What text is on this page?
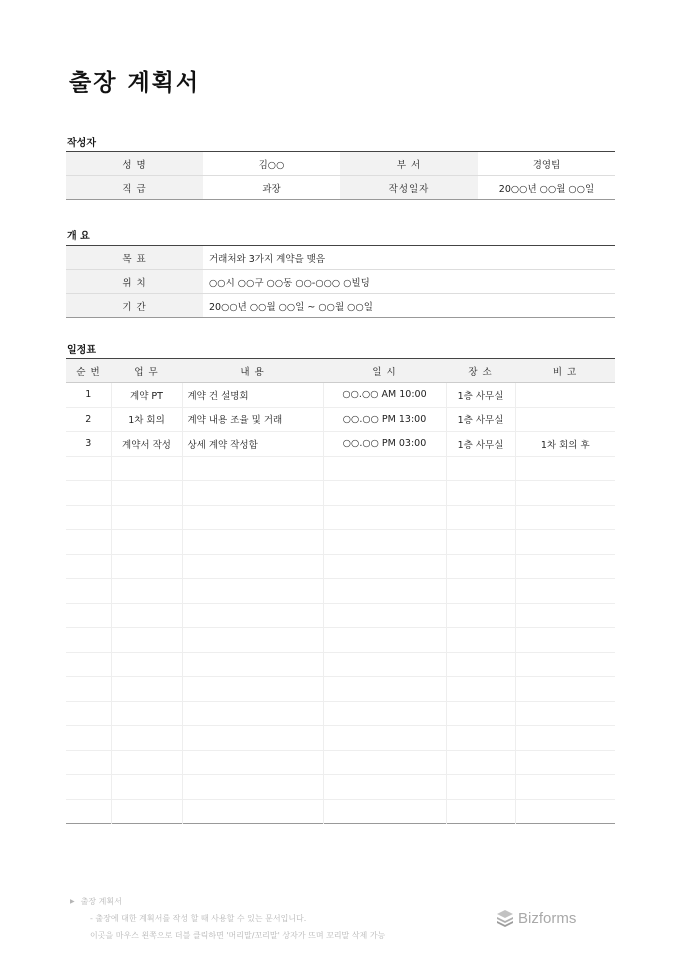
출장 계획서
작성자
성 명	김○○	부 서	경영팀
직 급	과장	작성일자	20○○년 ○○월 ○○일
개 요
목 표	거래처와 3가지 계약을 맺음
위 치	○○시 ○○구 ○○동 ○○-○○○ ○빌딩
기 간	20○○년 ○○월 ○○일 ~ ○○월 ○○일
일정표
순 번	업 무	내 용	일 시	장 소	비 고
1	계약 PT	계약 건 설명회	○○.○○ AM 10:00	1층 사무실	
2	1차 회의	계약 내용 조율 및 거래	○○.○○ PM 13:00	1층 사무실	
3	계약서 작성	상세 계약 작성함	○○.○○ PM 03:00	1층 사무실	1차 회의 후

▶ 출장 계획서
- 출장에 대한 계획서를 작성 할 때 사용할 수 있는 문서입니다.
이곳을 마우스 왼쪽으로 더블 클릭하면 '머리말/꼬리말' 상자가 뜨며 꼬리말 삭제 가능
Bizforms
